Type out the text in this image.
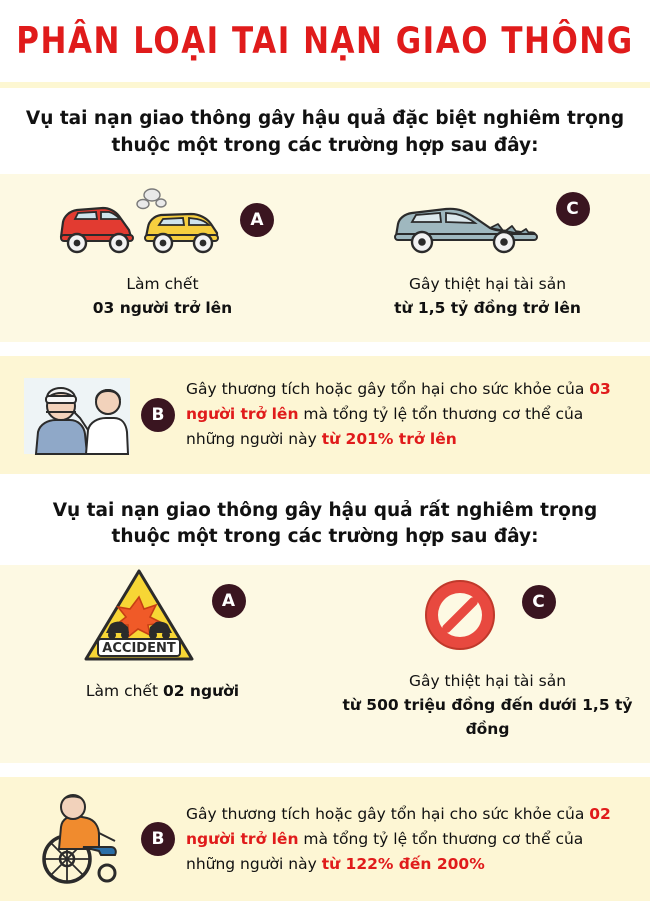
PHÂN LOẠI TAI NẠN GIAO THÔNG
Vụ tai nạn giao thông gây hậu quả đặc biệt nghiêm trọng
thuộc một trong các trường hợp sau đây:
A
Làm chết
03 người trở lên
C
Gây thiệt hại tài sản
từ 1,5 tỷ đồng trở lên
B
Gây thương tích hoặc gây tổn hại cho sức khỏe của 03 người trở lên mà tổng tỷ lệ tổn thương cơ thể của những người này từ 201% trở lên
Vụ tai nạn giao thông gây hậu quả rất nghiêm trọng
thuộc một trong các trường hợp sau đây:
ACCIDENT
A
Làm chết 02 người
C
Gây thiệt hại tài sản
từ 500 triệu đồng đến dưới 1,5 tỷ đồng
B
Gây thương tích hoặc gây tổn hại cho sức khỏe của 02 người trở lên mà tổng tỷ lệ tổn thương cơ thể của những người này từ 122% đến 200%
